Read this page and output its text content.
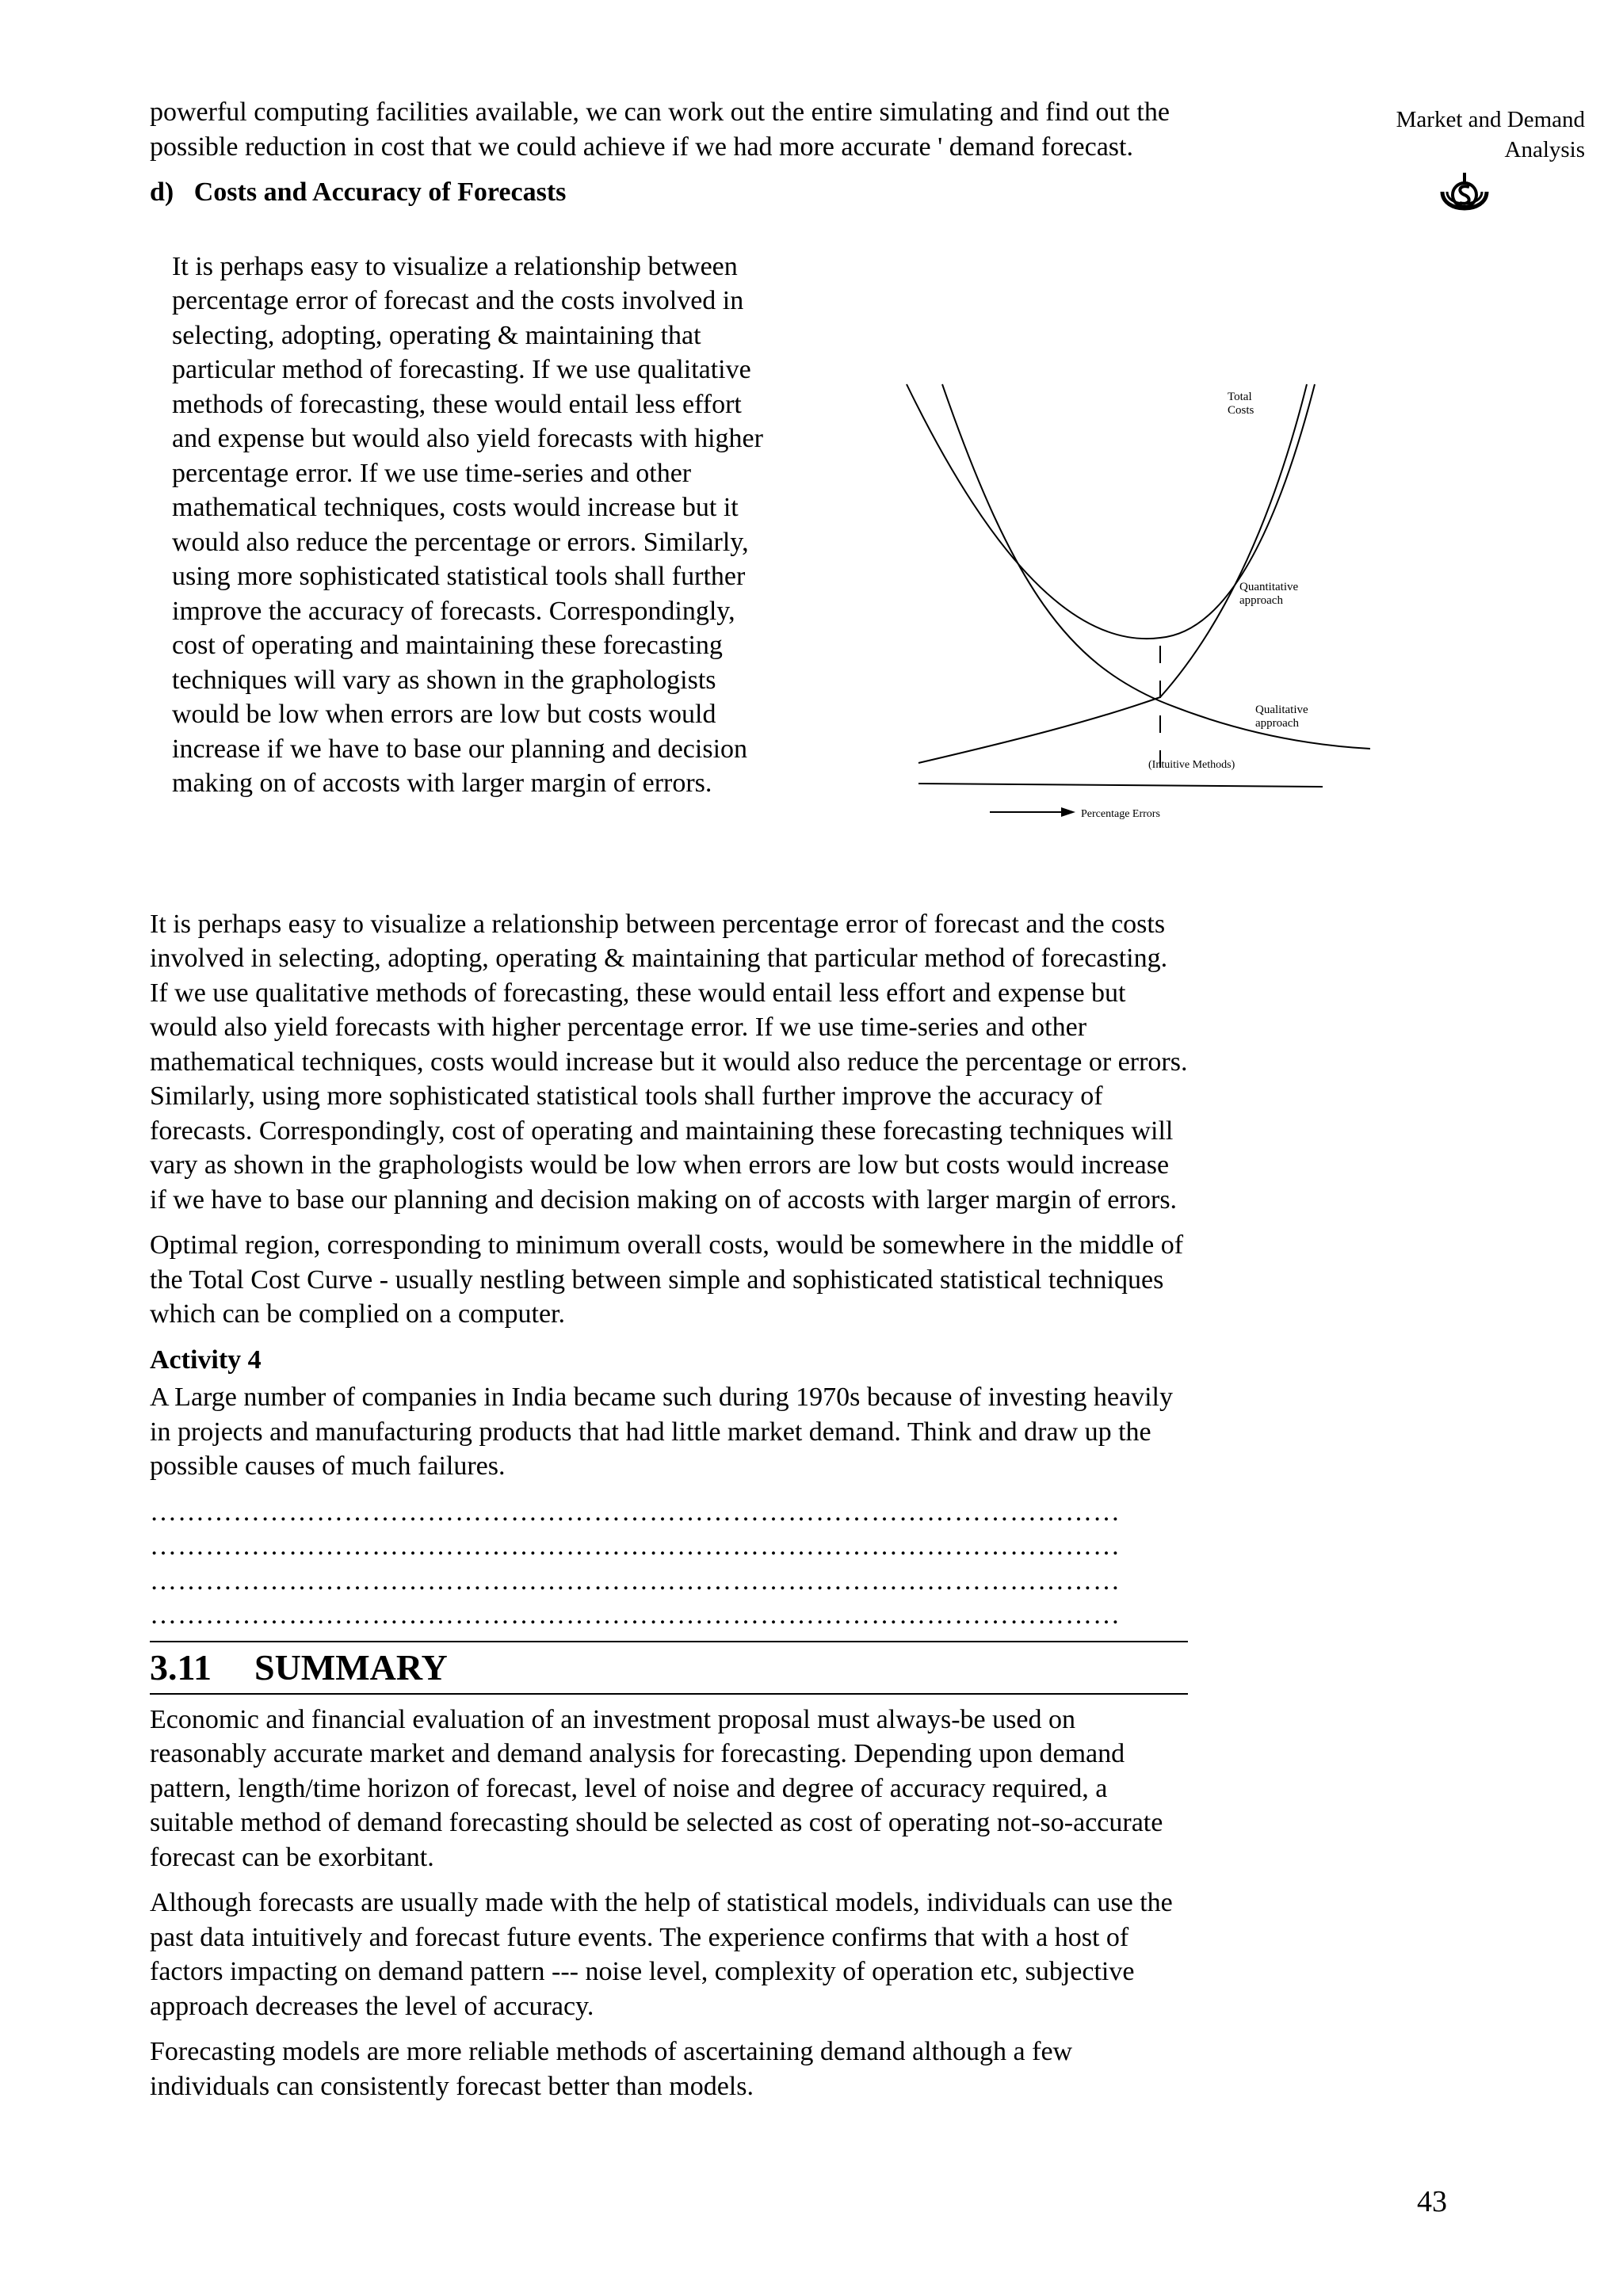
Market and Demand
Analysis

powerful computing facilities available, we can work out the entire simulating and find out the possible reduction in cost that we could achieve if we had more accurate ' demand forecast.

d)   Costs and Accuracy of Forecasts

It is perhaps easy to visualize a relationship between percentage error of forecast and the costs involved in selecting, adopting, operating & maintaining that particular method of forecasting. If we use qualitative methods of forecasting, these would entail less effort and expense but would also yield forecasts with higher percentage error. If we use time-series and other mathematical techniques, costs would increase but it would also reduce the percentage or errors. Similarly, using more sophisticated statistical tools shall further improve the accuracy of forecasts. Correspondingly, cost of operating and maintaining these forecasting techniques will vary as shown in the graphologists would be low when errors are low but costs would increase if we have to base our planning and decision making on of accosts with larger margin of errors.
Total
Costs
Quantitative
approach
Qualitative
approach
(Intuitive Methods)
Percentage Errors

It is perhaps easy to visualize a relationship between percentage error of forecast and the costs involved in selecting, adopting, operating & maintaining that particular method of forecasting. If we use qualitative methods of forecasting, these would entail less effort and expense but would also yield forecasts with higher percentage error. If we use time-series and other mathematical techniques, costs would increase but it would also reduce the percentage or errors. Similarly, using more sophisticated statistical tools shall further improve the accuracy of forecasts. Correspondingly, cost of operating and maintaining these forecasting techniques will vary as shown in the graphologists would be low when errors are low but costs would increase if we have to base our planning and decision making on of accosts with larger margin of errors.

Optimal region, corresponding to minimum overall costs, would be somewhere in the middle of the Total Cost Curve - usually nestling between simple and sophisticated statistical techniques which can be complied on a computer.

Activity 4

A Large number of companies in India became such during 1970s because of investing heavily in projects and manufacturing products that had little market demand. Think and draw up the possible causes of much failures.

……………………………………………………………………………………………

……………………………………………………………………………………………

……………………………………………………………………………………………

……………………………………………………………………………………………

3.11 SUMMARY

Economic and financial evaluation of an investment proposal must always-be used on reasonably accurate market and demand analysis for forecasting. Depending upon demand pattern, length/time horizon of forecast, level of noise and degree of accuracy required, a suitable method of demand forecasting should be selected as cost of operating not-so-accurate forecast can be exorbitant.

Although forecasts are usually made with the help of statistical models, individuals can use the past data intuitively and forecast future events. The experience confirms that with a host of factors impacting on demand pattern --- noise level, complexity of operation etc, subjective approach decreases the level of accuracy.

Forecasting models are more reliable methods of ascertaining demand although a few individuals can consistently forecast better than models.

43
